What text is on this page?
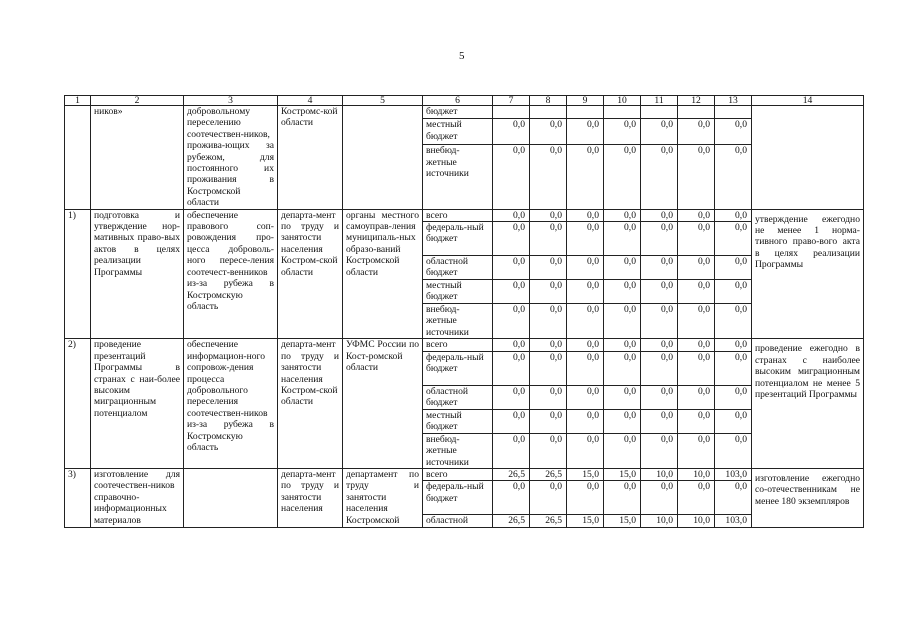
5
1	2	3	4	5	6	7	8	9	10	11	12	13	14
	ников»	добровольному переселению соотечествен-ников, прожива-ющих за рубежом, для постоянного их проживания в Костромской области	Костромс-кой области		бюджет								
					местный бюджет	0,0	0,0	0,0	0,0	0,0	0,0	0,0	
					внебюд-жетные источники	0,0	0,0	0,0	0,0	0,0	0,0	0,0	
1)	подготовка и утверждение нор-мативных право-вых актов в целях реализации Программы	обеспечение правового соп-ровождения про-цесса доброволь-ного пересе-ления соотечест-венников из-за рубежа в Костромскую область	департа-мент по труду и занятости населения Костром-ской области	органы местного самоуправ-ления муниципаль-ных образо-ваний Костромской области	всего	0,0	0,0	0,0	0,0	0,0	0,0	0,0	утверждение ежегодно не менее 1 норма-тивного право-вого акта в целях реализации Программы
					федераль-ный бюджет	0,0	0,0	0,0	0,0	0,0	0,0	0,0	
					областной бюджет	0,0	0,0	0,0	0,0	0,0	0,0	0,0	
					местный бюджет	0,0	0,0	0,0	0,0	0,0	0,0	0,0	
					внебюд-жетные источники	0,0	0,0	0,0	0,0	0,0	0,0	0,0	
2)	проведение презентаций Программы в странах с наи-более высоким миграционным потенциалом	обеспечение информацион-ного сопровож-дения процесса добровольного переселения соотечествен-ников из-за рубежа в Костромскую область	департа-мент по труду и занятости населения Костром-ской области	УФМС России по Кост-ромской области	всего	0,0	0,0	0,0	0,0	0,0	0,0	0,0	проведение ежегодно в странах с наиболее высоким миграционным потенциалом не менее 5 презентаций Программы
					федераль-ный бюджет	0,0	0,0	0,0	0,0	0,0	0,0	0,0	
					областной бюджет	0,0	0,0	0,0	0,0	0,0	0,0	0,0	
					местный бюджет	0,0	0,0	0,0	0,0	0,0	0,0	0,0	
					внебюд-жетные источники	0,0	0,0	0,0	0,0	0,0	0,0	0,0	
3)	изготовление для соотечествен-ников справочно-информационных материалов		департа-мент по труду и занятости населения	департамент по труду и занятости населения Костромской	всего	26,5	26,5	15,0	15,0	10,0	10,0	103,0	изготовление ежегодно со-отечественникам не менее 180 экземпляров
					федераль-ный бюджет	0,0	0,0	0,0	0,0	0,0	0,0	0,0	
					областной	26,5	26,5	15,0	15,0	10,0	10,0	103,0	
